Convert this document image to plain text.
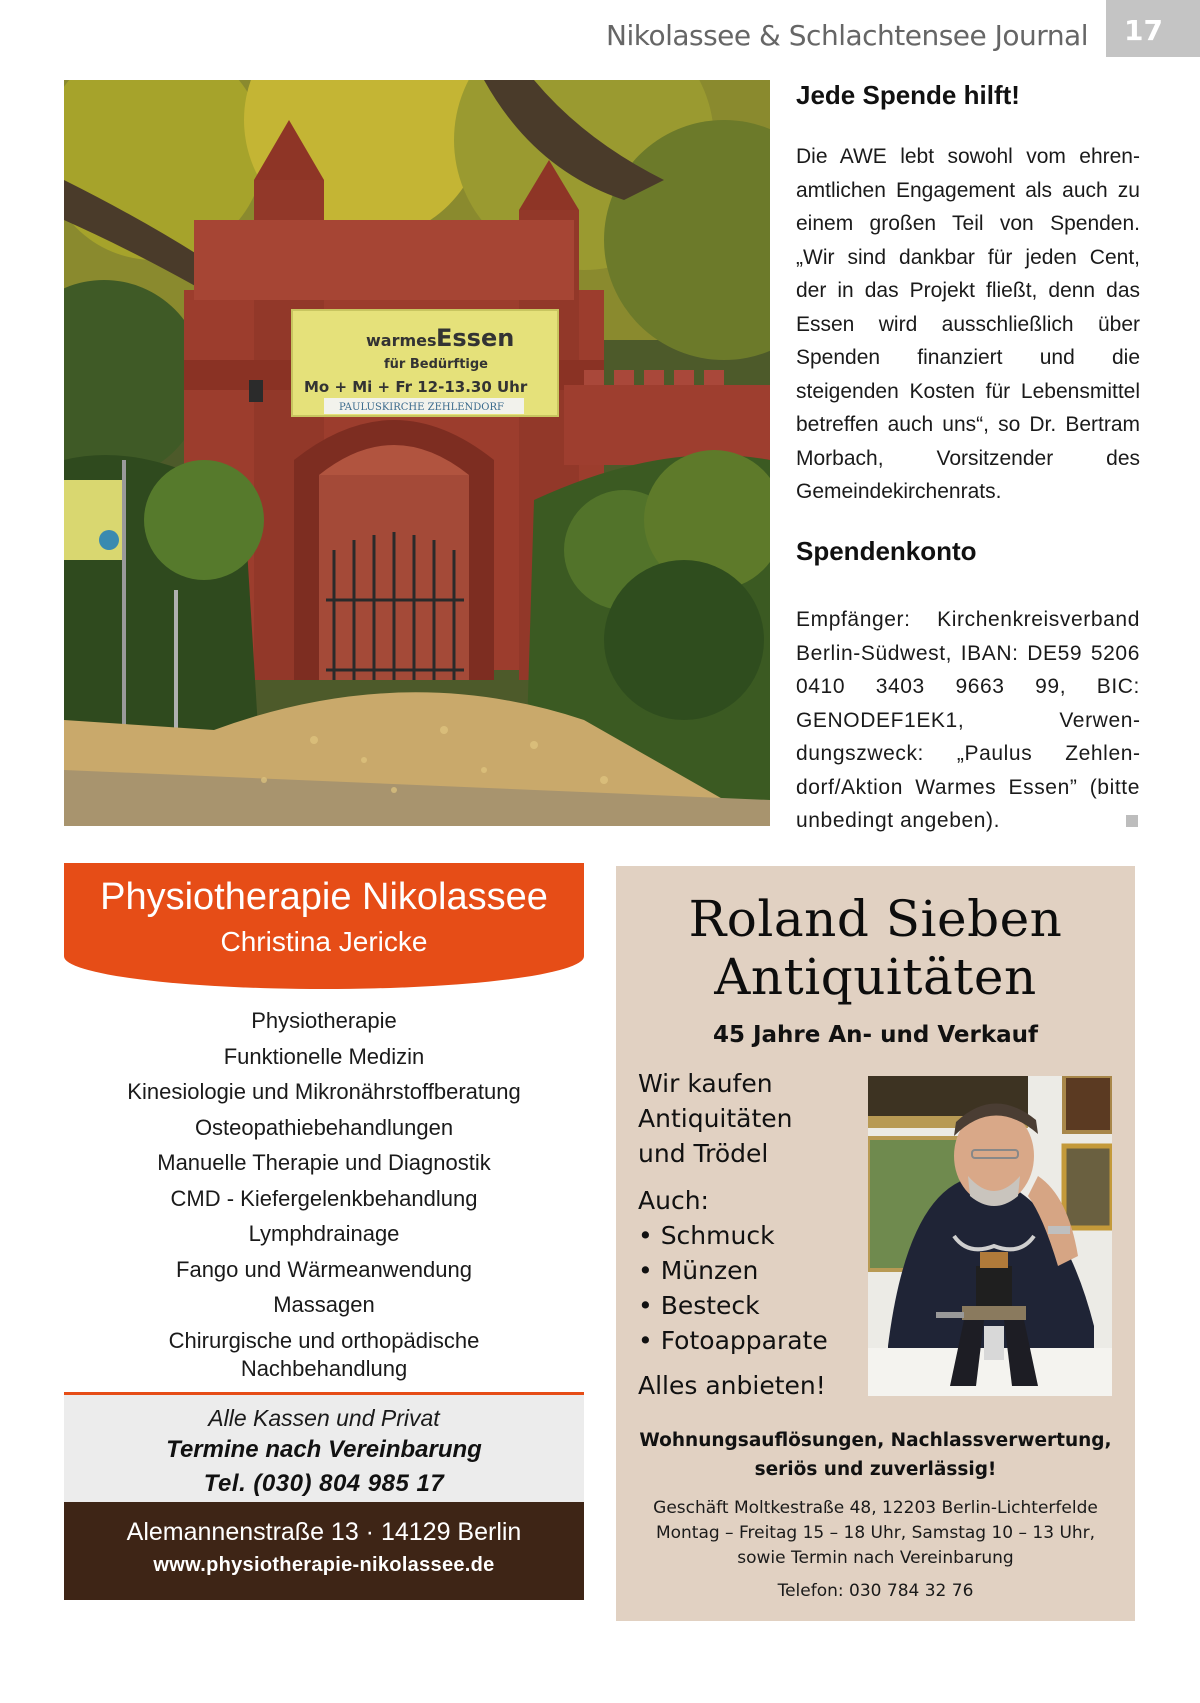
Nikolassee & Schlachtensee Journal	17
warmes Essen
für Bedürftige
Mo + Mi + Fr 12-13.30 Uhr
PAULUSKIRCHE ZEHLENDORF
Jede Spende hilft!

Die AWE lebt sowohl vom ehrenamtlichen Engagement als auch zu einem großen Teil von Spenden. „Wir sind dankbar für jeden Cent, der in das Projekt fließt, denn das Essen wird ausschließlich über Spenden finanziert und die steigenden Kosten für Lebensmittel betreffen auch uns“, so Dr. Bertram Morbach, Vorsitzender des Gemeindekirchenrats.

Spendenkonto

Empfänger: Kirchenkreisverband Berlin-Südwest, IBAN: DE59 5206 0410 3403 9663 99, BIC: GENODEF1EK1, Verwendungszweck: „Paulus Zehlendorf/Aktion Warmes Essen” (bitte unbedingt angeben).

Physiotherapie Nikolassee
Christina Jericke
Physiotherapie
Funktionelle Medizin
Kinesiologie und Mikronährstoffberatung
Osteopathiebehandlungen
Manuelle Therapie und Diagnostik
CMD - Kiefergelenkbehandlung
Lymphdrainage
Fango und Wärmeanwendung
Massagen
Chirurgische und orthopädische
Nachbehandlung
Alle Kassen und Privat
Termine nach Vereinbarung
Tel. (030) 804 985 17
Alemannenstraße 13 · 14129 Berlin
www.physiotherapie-nikolassee.de
Roland Sieben
Antiquitäten
45 Jahre An- und Verkauf
Wir kaufen
Antiquitäten
und Trödel
Auch:
• Schmuck
• Münzen
• Besteck
• Fotoapparate
Alles anbieten!
Wohnungsauflösungen, Nachlassverwertung,
seriös und zuverlässig!
Geschäft Moltkestraße 48, 12203 Berlin-Lichterfelde
Montag – Freitag 15 – 18 Uhr, Samstag 10 – 13 Uhr,
sowie Termin nach Vereinbarung
Telefon: 030 784 32 76
